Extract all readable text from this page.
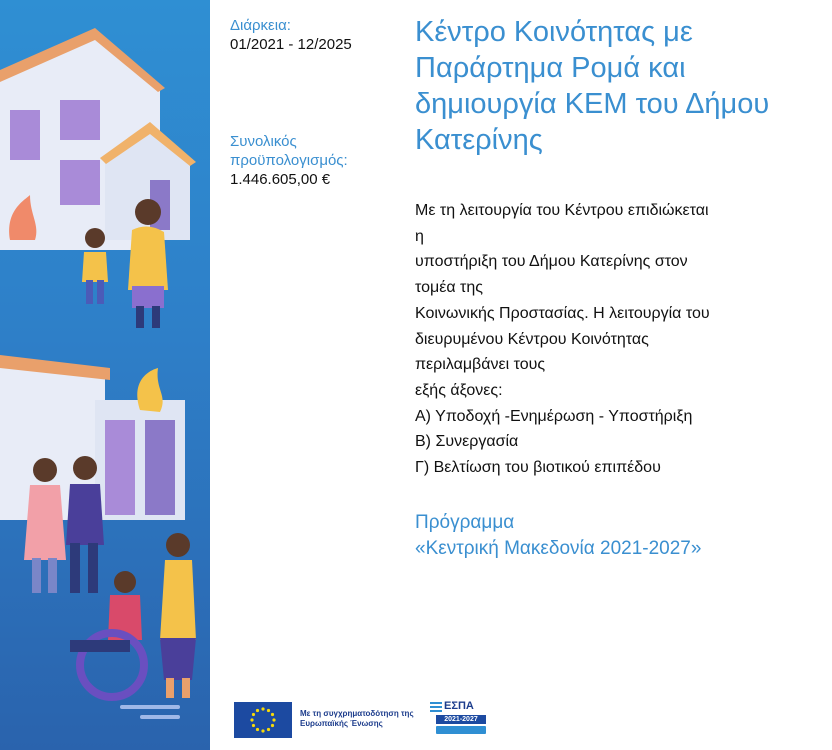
Διάρκεια:

01/2021 - 12/2025

Συνολικός προϋπολογισμός:

1.446.605,00 €

Κέντρο Κοινότητας με Παράρτημα Ρομά και δημιουργία ΚΕΜ του Δήμου Κατερίνης
Με τη λειτουργία του Κέντρου επιδιώκεται
η
υποστήριξη του Δήμου Κατερίνης στον
τομέα της
Κοινωνικής Προστασίας. Η λειτουργία του
διευρυμένου Κέντρου Κοινότητας
περιλαμβάνει τους
εξής άξονες:
Α) Υποδοχή -Ενημέρωση - Υποστήριξη
Β) Συνεργασία
Γ) Βελτίωση του βιοτικού επιπέδου
Πρόγραμμα
«Κεντρική Μακεδονία 2021-2027»
Με τη συγχρηματοδότηση της Ευρωπαϊκής Ένωσης
ΕΣΠΑ
2021-2027
